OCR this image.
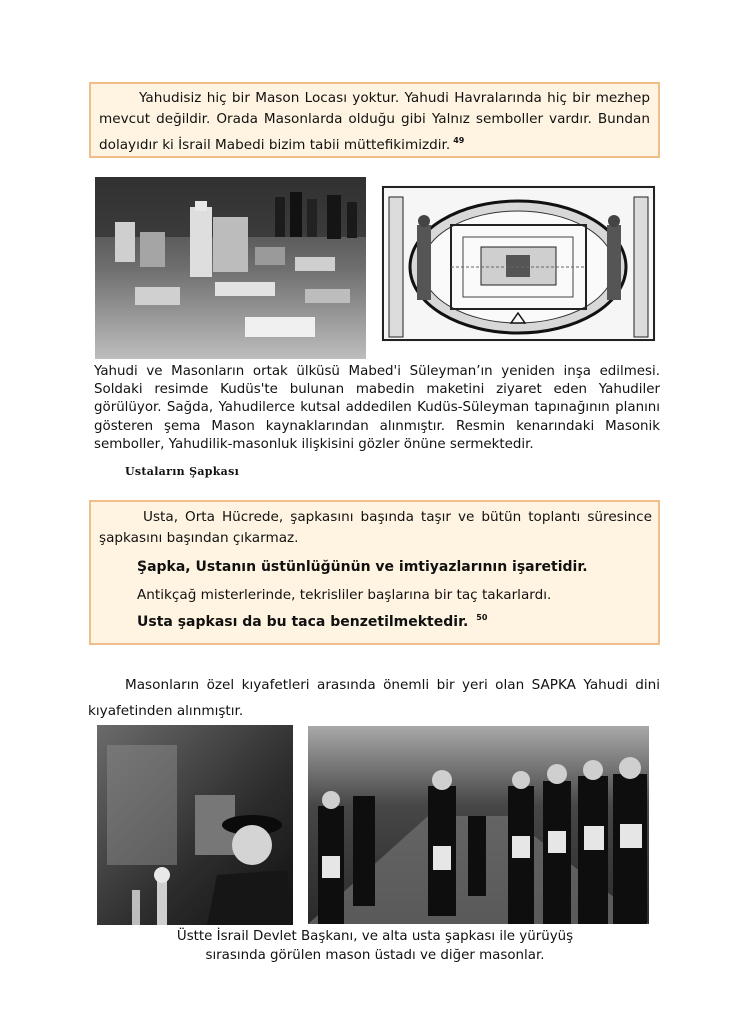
Yahudisiz hiç bir Mason Locası yoktur. Yahudi Havralarında hiç bir mezhep mevcut değildir. Orada Masonlarda olduğu gibi Yalnız semboller vardır. Bundan dolayıdır ki İsrail Mabedi bizim tabii müttefikimizdir. $^{49}$

Yahudi ve Masonların ortak ülküsü Mabed'i Süleyman’ın yeniden inşa edilmesi. Soldaki resimde Kudüs'te bulunan mabedin maketini ziyaret eden Yahudiler görülüyor. Sağda, Yahudilerce kutsal addedilen Kudüs-Süleyman tapınağının planını gösteren şema Mason kaynaklarından alınmıştır. Resmin kenarındaki Masonik semboller, Yahudilik-masonluk ilişkisini gözler önüne sermektedir.

Ustaların Şapkası

Usta, Orta Hücrede, şapkasını başında taşır ve bütün toplantı süresince şapkasını başından çıkarmaz.

Şapka, Ustanın üstünlüğünün ve imtiyazlarının işaretidir.

Antikçağ misterlerinde, tekrisliler başlarına bir taç takarlardı.

Usta şapkası da bu taca benzetilmektedir. $^{50}$

Masonların özel kıyafetleri arasında önemli bir yeri olan SAPKA Yahudi dini kıyafetinden alınmıştır.

Üstte İsrail Devlet Başkanı, ve alta usta şapkası ile yürüyüş

sırasında görülen mason üstadı ve diğer masonlar.
